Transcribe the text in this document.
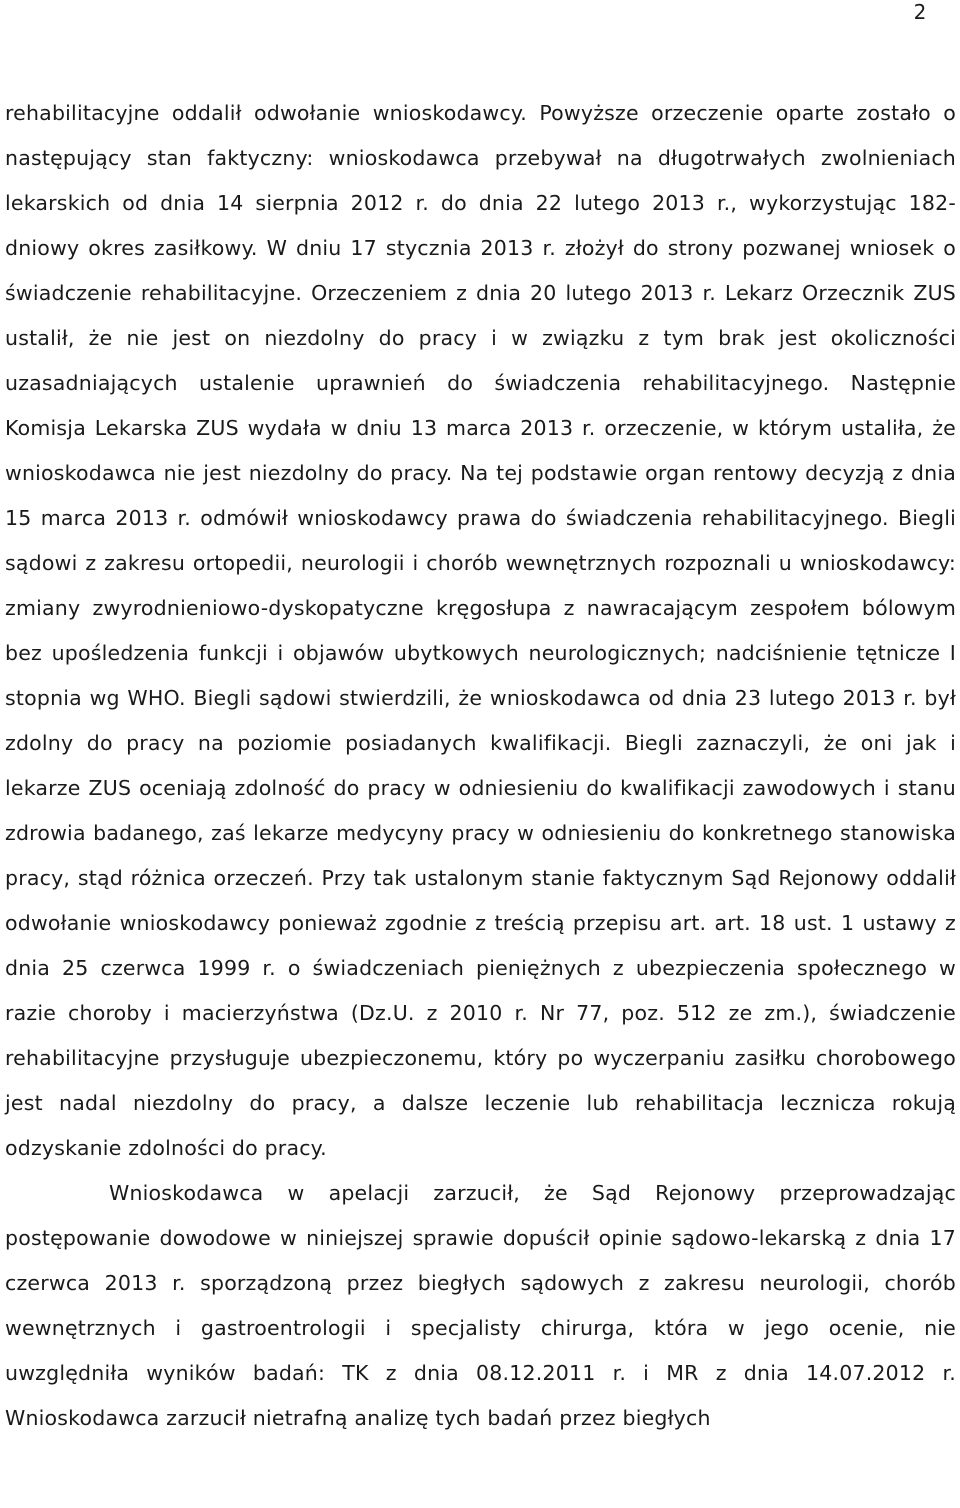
2

rehabilitacyjne oddalił odwołanie wnioskodawcy. Powyższe orzeczenie oparte zostało o następujący stan faktyczny: wnioskodawca przebywał na długotrwałych zwolnieniach lekarskich od dnia 14 sierpnia 2012 r. do dnia 22 lutego 2013 r., wykorzystując 182-dniowy okres zasiłkowy. W dniu 17 stycznia 2013 r. złożył do strony pozwanej wniosek o świadczenie rehabilitacyjne. Orzeczeniem z dnia 20 lutego 2013 r. Lekarz Orzecznik ZUS ustalił, że nie jest on niezdolny do pracy i w związku z tym brak jest okoliczności uzasadniających ustalenie uprawnień do świadczenia rehabilitacyjnego. Następnie Komisja Lekarska ZUS wydała w dniu 13 marca 2013 r. orzeczenie, w którym ustaliła, że wnioskodawca nie jest niezdolny do pracy. Na tej podstawie organ rentowy decyzją z dnia 15 marca 2013 r. odmówił wnioskodawcy prawa do świadczenia rehabilitacyjnego. Biegli sądowi z zakresu ortopedii, neurologii i chorób wewnętrznych rozpoznali u wnioskodawcy: zmiany zwyrodnieniowo-dyskopatyczne kręgosłupa z nawracającym zespołem bólowym bez upośledzenia funkcji i objawów ubytkowych neurologicznych; nadciśnienie tętnicze I stopnia wg WHO. Biegli sądowi stwierdzili, że wnioskodawca od dnia 23 lutego 2013 r. był zdolny do pracy na poziomie posiadanych kwalifikacji. Biegli zaznaczyli, że oni jak i lekarze ZUS oceniają zdolność do pracy w odniesieniu do kwalifikacji zawodowych i stanu zdrowia badanego, zaś lekarze medycyny pracy w odniesieniu do konkretnego stanowiska pracy, stąd różnica orzeczeń. Przy tak ustalonym stanie faktycznym Sąd Rejonowy oddalił odwołanie wnioskodawcy ponieważ zgodnie z treścią przepisu art. art. 18 ust. 1 ustawy z dnia 25 czerwca 1999 r. o świadczeniach pieniężnych z ubezpieczenia społecznego w razie choroby i macierzyństwa (Dz.U. z 2010 r. Nr 77, poz. 512 ze zm.), świadczenie rehabilitacyjne przysługuje ubezpieczonemu, który po wyczerpaniu zasiłku chorobowego jest nadal niezdolny do pracy, a dalsze leczenie lub rehabilitacja lecznicza rokują odzyskanie zdolności do pracy.

Wnioskodawca w apelacji zarzucił, że Sąd Rejonowy przeprowadzając postępowanie dowodowe w niniejszej sprawie dopuścił opinie sądowo-lekarską z dnia 17 czerwca 2013 r. sporządzoną przez biegłych sądowych z zakresu neurologii, chorób wewnętrznych i gastroentrologii i specjalisty chirurga, która w jego ocenie, nie uwzględniła wyników badań: TK z dnia 08.12.2011 r. i MR z dnia 14.07.2012 r. Wnioskodawca zarzucił nietrafną analizę tych badań przez biegłych
